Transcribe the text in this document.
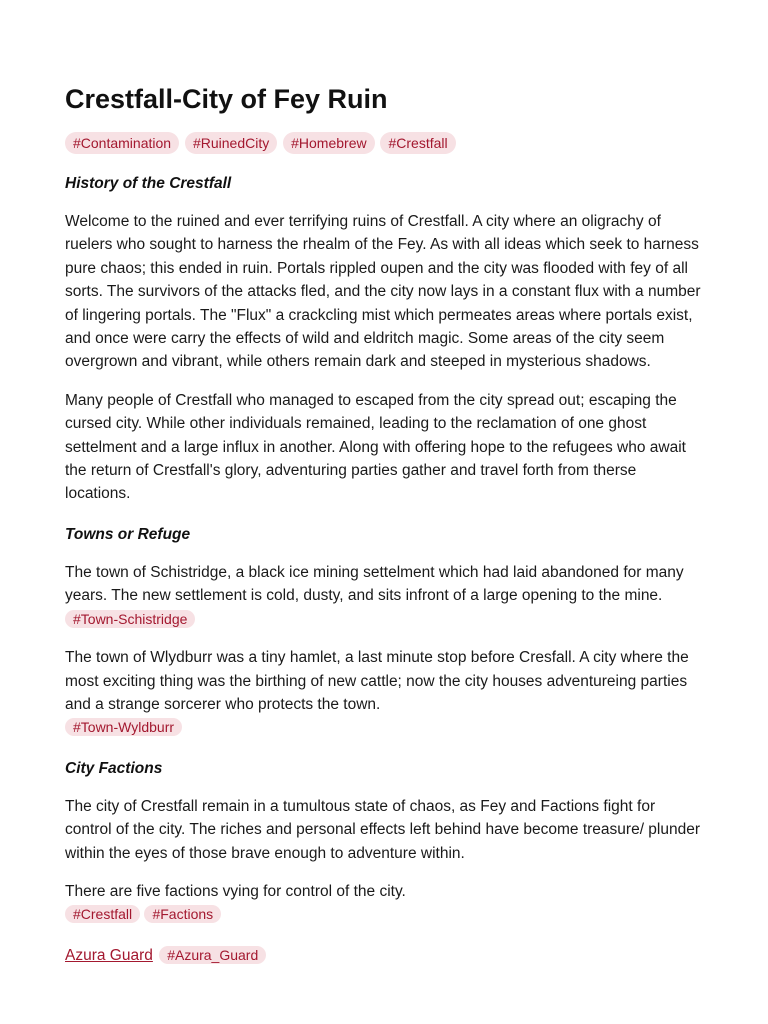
Crestfall-City of Fey Ruin
#Contamination #RuinedCity #Homebrew #Crestfall
History of the Crestfall

Welcome to the ruined and ever terrifying ruins of Crestfall. A city where an oligrachy of ruelers who sought to harness the rhealm of the Fey. As with all ideas which seek to harness pure chaos; this ended in ruin. Portals rippled oupen and the city was flooded with fey of all sorts. The survivors of the attacks fled, and the city now lays in a constant flux with a number of lingering portals. The "Flux" a crackcling mist which permeates areas where portals exist, and once were carry the effects of wild and eldritch magic. Some areas of the city seem overgrown and vibrant, while others remain dark and steeped in mysterious shadows.

Many people of Crestfall who managed to escaped from the city spread out; escaping the cursed city. While other individuals remained, leading to the reclamation of one ghost settelment and a large influx in another. Along with offering hope to the refugees who await the return of Crestfall's glory, adventuring parties gather and travel forth from therse locations.

Towns or Refuge

The town of Schistridge, a black ice mining settelment which had laid abandoned for many years. The new settlement is cold, dusty, and sits infront of a large opening to the mine. #Town-Schistridge

The town of Wlydburr was a tiny hamlet, a last minute stop before Cresfall. A city where the most exciting thing was the birthing of new cattle; now the city houses adventureing parties and a strange sorcerer who protects the town.
#Town-Wyldburr

City Factions

The city of Crestfall remain in a tumultous state of chaos, as Fey and Factions fight for control of the city. The riches and personal effects left behind have become treasure/ plunder within the eyes of those brave enough to adventure within.

There are five factions vying for control of the city.
#Crestfall #Factions

Azura Guard #Azura_Guard
